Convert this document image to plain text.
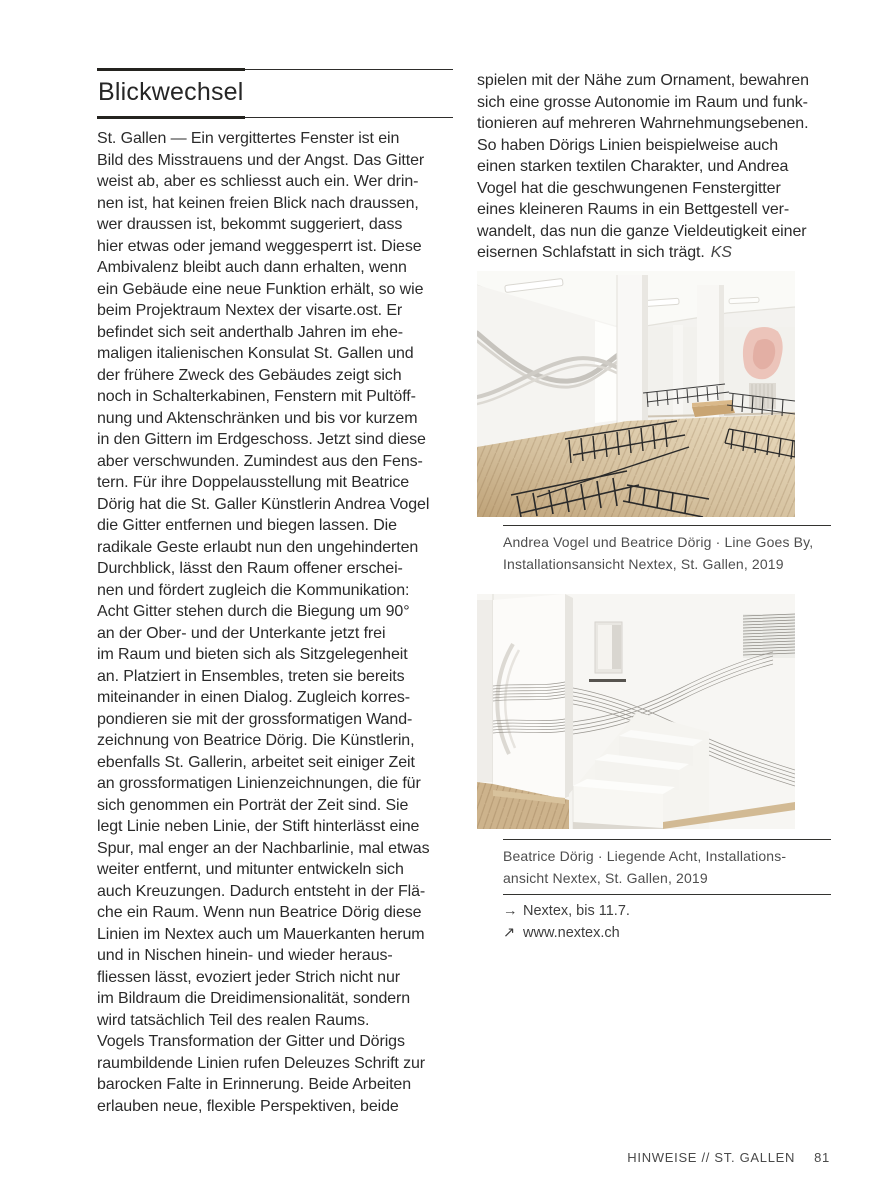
Blickwechsel
St. Gallen — Ein vergittertes Fenster ist ein
Bild des Misstrauens und der Angst. Das Gitter
weist ab, aber es schliesst auch ein. Wer drin-
nen ist, hat keinen freien Blick nach draussen,
wer draussen ist, bekommt suggeriert, dass
hier etwas oder jemand weggesperrt ist. Diese
Ambivalenz bleibt auch dann erhalten, wenn
ein Gebäude eine neue Funktion erhält, so wie
beim Projektraum Nextex der visarte.ost. Er
befindet sich seit anderthalb Jahren im ehe-
maligen italienischen Konsulat St. Gallen und
der frühere Zweck des Gebäudes zeigt sich
noch in Schalterkabinen, Fenstern mit Pultöff-
nung und Aktenschränken und bis vor kurzem
in den Gittern im Erdgeschoss. Jetzt sind diese
aber verschwunden. Zumindest aus den Fens-
tern. Für ihre Doppelausstellung mit Beatrice
Dörig hat die St. Galler Künstlerin Andrea Vogel
die Gitter entfernen und biegen lassen. Die
radikale Geste erlaubt nun den ungehinderten
Durchblick, lässt den Raum offener erschei-
nen und fördert zugleich die Kommunikation:
Acht Gitter stehen durch die Biegung um 90°
an der Ober- und der Unterkante jetzt frei
im Raum und bieten sich als Sitzgelegenheit
an. Platziert in Ensembles, treten sie bereits
miteinander in einen Dialog. Zugleich korres-
pondieren sie mit der grossformatigen Wand-
zeichnung von Beatrice Dörig. Die Künstlerin,
ebenfalls St. Gallerin, arbeitet seit einiger Zeit
an grossformatigen Linienzeichnungen, die für
sich genommen ein Porträt der Zeit sind. Sie
legt Linie neben Linie, der Stift hinterlässt eine
Spur, mal enger an der Nachbarlinie, mal etwas
weiter entfernt, und mitunter entwickeln sich
auch Kreuzungen. Dadurch entsteht in der Flä-
che ein Raum. Wenn nun Beatrice Dörig diese
Linien im Nextex auch um Mauerkanten herum
und in Nischen hinein- und wieder heraus-
fliessen lässt, evoziert jeder Strich nicht nur
im Bildraum die Dreidimensionalität, sondern
wird tatsächlich Teil des realen Raums.
Vogels Transformation der Gitter und Dörigs
raumbildende Linien rufen Deleuzes Schrift zur
barocken Falte in Erinnerung. Beide Arbeiten
erlauben neue, flexible Perspektiven, beide
spielen mit der Nähe zum Ornament, bewahren
sich eine grosse Autonomie im Raum und funk-
tionieren auf mehreren Wahrnehmungsebenen.
So haben Dörigs Linien beispielweise auch
einen starken textilen Charakter, und Andrea
Vogel hat die geschwungenen Fenstergitter
eines kleineren Raums in ein Bettgestell ver-
wandelt, das nun die ganze Vieldeutigkeit einer
eisernen Schlafstatt in sich trägt. KS
Andrea Vogel und Beatrice Dörig · Line Goes By,
Installationsansicht Nextex, St. Gallen, 2019
Beatrice Dörig · Liegende Acht, Installations-
ansicht Nextex, St. Gallen, 2019
→ Nextex, bis 11.7.
↗ www.nextex.ch
HINWEISE // ST. GALLEN 81
